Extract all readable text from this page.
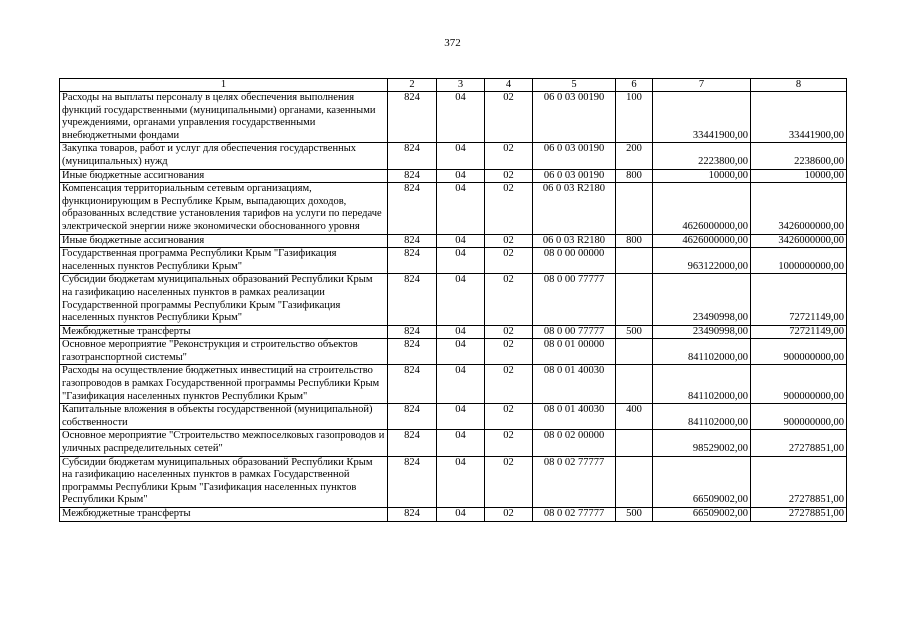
372
1	2	3	4	5	6	7	8
Расходы на выплаты персоналу в целях обеспечения выполнения функций государственными (муниципальными) органами, казенными учреждениями, органами управления государственными внебюджетными фондами	824	04	02	06 0 03 00190	100	33441900,00	33441900,00
Закупка товаров, работ и услуг для обеспечения государственных (муниципальных) нужд	824	04	02	06 0 03 00190	200	2223800,00	2238600,00
Иные бюджетные ассигнования	824	04	02	06 0 03 00190	800	10000,00	10000,00
Компенсация территориальным сетевым организациям, функционирующим в Республике Крым, выпадающих доходов, образованных вследствие установления тарифов на услуги по передаче электрической энергии ниже экономически обоснованного уровня	824	04	02	06 0 03 R2180		4626000000,00	3426000000,00
Иные бюджетные ассигнования	824	04	02	06 0 03 R2180	800	4626000000,00	3426000000,00
Государственная программа Республики Крым "Газификация населенных пунктов Республики Крым"	824	04	02	08 0 00 00000		963122000,00	1000000000,00
Субсидии бюджетам муниципальных образований Республики Крым на газификацию населенных пунктов в рамках реализации Государственной программы Республики Крым "Газификация населенных пунктов Республики Крым"	824	04	02	08 0 00 77777		23490998,00	72721149,00
Межбюджетные трансферты	824	04	02	08 0 00 77777	500	23490998,00	72721149,00
Основное мероприятие "Реконструкция и строительство объектов газотранспортной системы"	824	04	02	08 0 01 00000		841102000,00	900000000,00
Расходы на осуществление бюджетных инвестиций на строительство газопроводов в рамках Государственной программы Республики Крым "Газификация населенных пунктов Республики Крым"	824	04	02	08 0 01 40030		841102000,00	900000000,00
Капитальные вложения в объекты государственной (муниципальной) собственности	824	04	02	08 0 01 40030	400	841102000,00	900000000,00
Основное мероприятие "Строительство межпоселковых газопроводов и уличных распределительных сетей"	824	04	02	08 0 02 00000		98529002,00	27278851,00
Субсидии бюджетам муниципальных образований Республики Крым на газификацию населенных пунктов в рамках Государственной программы Республики Крым "Газификация населенных пунктов Республики Крым"	824	04	02	08 0 02 77777		66509002,00	27278851,00
Межбюджетные трансферты	824	04	02	08 0 02 77777	500	66509002,00	27278851,00
